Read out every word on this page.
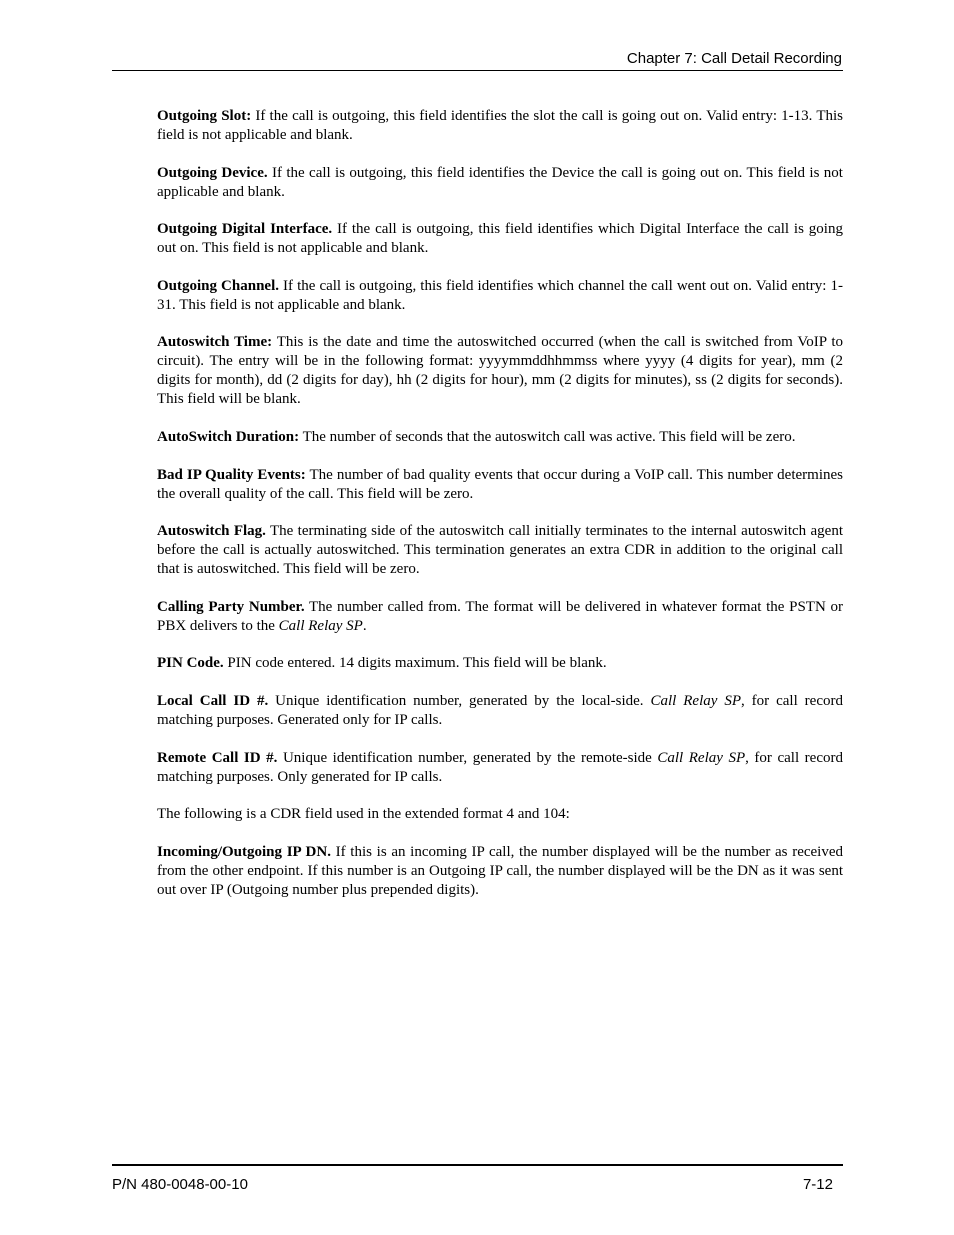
Chapter 7: Call Detail Recording

Outgoing Slot: If the call is outgoing, this field identifies the slot the call is going out on. Valid entry: 1-13. This field is not applicable and blank.

Outgoing Device. If the call is outgoing, this field identifies the Device the call is going out on. This field is not applicable and blank.

Outgoing Digital Interface. If the call is outgoing, this field identifies which Digital Interface the call is going out on. This field is not applicable and blank.

Outgoing Channel. If the call is outgoing, this field identifies which channel the call went out on. Valid entry: 1-31. This field is not applicable and blank.

Autoswitch Time: This is the date and time the autoswitched occurred (when the call is switched from VoIP to circuit). The entry will be in the following format: yyyymmddhhmmss where yyyy (4 digits for year), mm (2 digits for month), dd (2 digits for day), hh (2 digits for hour), mm (2 digits for minutes), ss (2 digits for seconds). This field will be blank.

AutoSwitch Duration: The number of seconds that the autoswitch call was active. This field will be zero.

Bad IP Quality Events: The number of bad quality events that occur during a VoIP call. This number determines the overall quality of the call. This field will be zero.

Autoswitch Flag. The terminating side of the autoswitch call initially terminates to the internal autoswitch agent before the call is actually autoswitched. This termination generates an extra CDR in addition to the original call that is autoswitched. This field will be zero.

Calling Party Number. The number called from. The format will be delivered in whatever format the PSTN or PBX delivers to the Call Relay SP.

PIN Code. PIN code entered. 14 digits maximum. This field will be blank.

Local Call ID #. Unique identification number, generated by the local-side. Call Relay SP, for call record matching purposes. Generated only for IP calls.

Remote Call ID #. Unique identification number, generated by the remote-side Call Relay SP, for call record matching purposes. Only generated for IP calls.

The following is a CDR field used in the extended format 4 and 104:

Incoming/Outgoing IP DN. If this is an incoming IP call, the number displayed will be the number as received from the other endpoint. If this number is an Outgoing IP call, the number displayed will be the DN as it was sent out over IP (Outgoing number plus prepended digits).

P/N 480-0048-00-10	7-12
